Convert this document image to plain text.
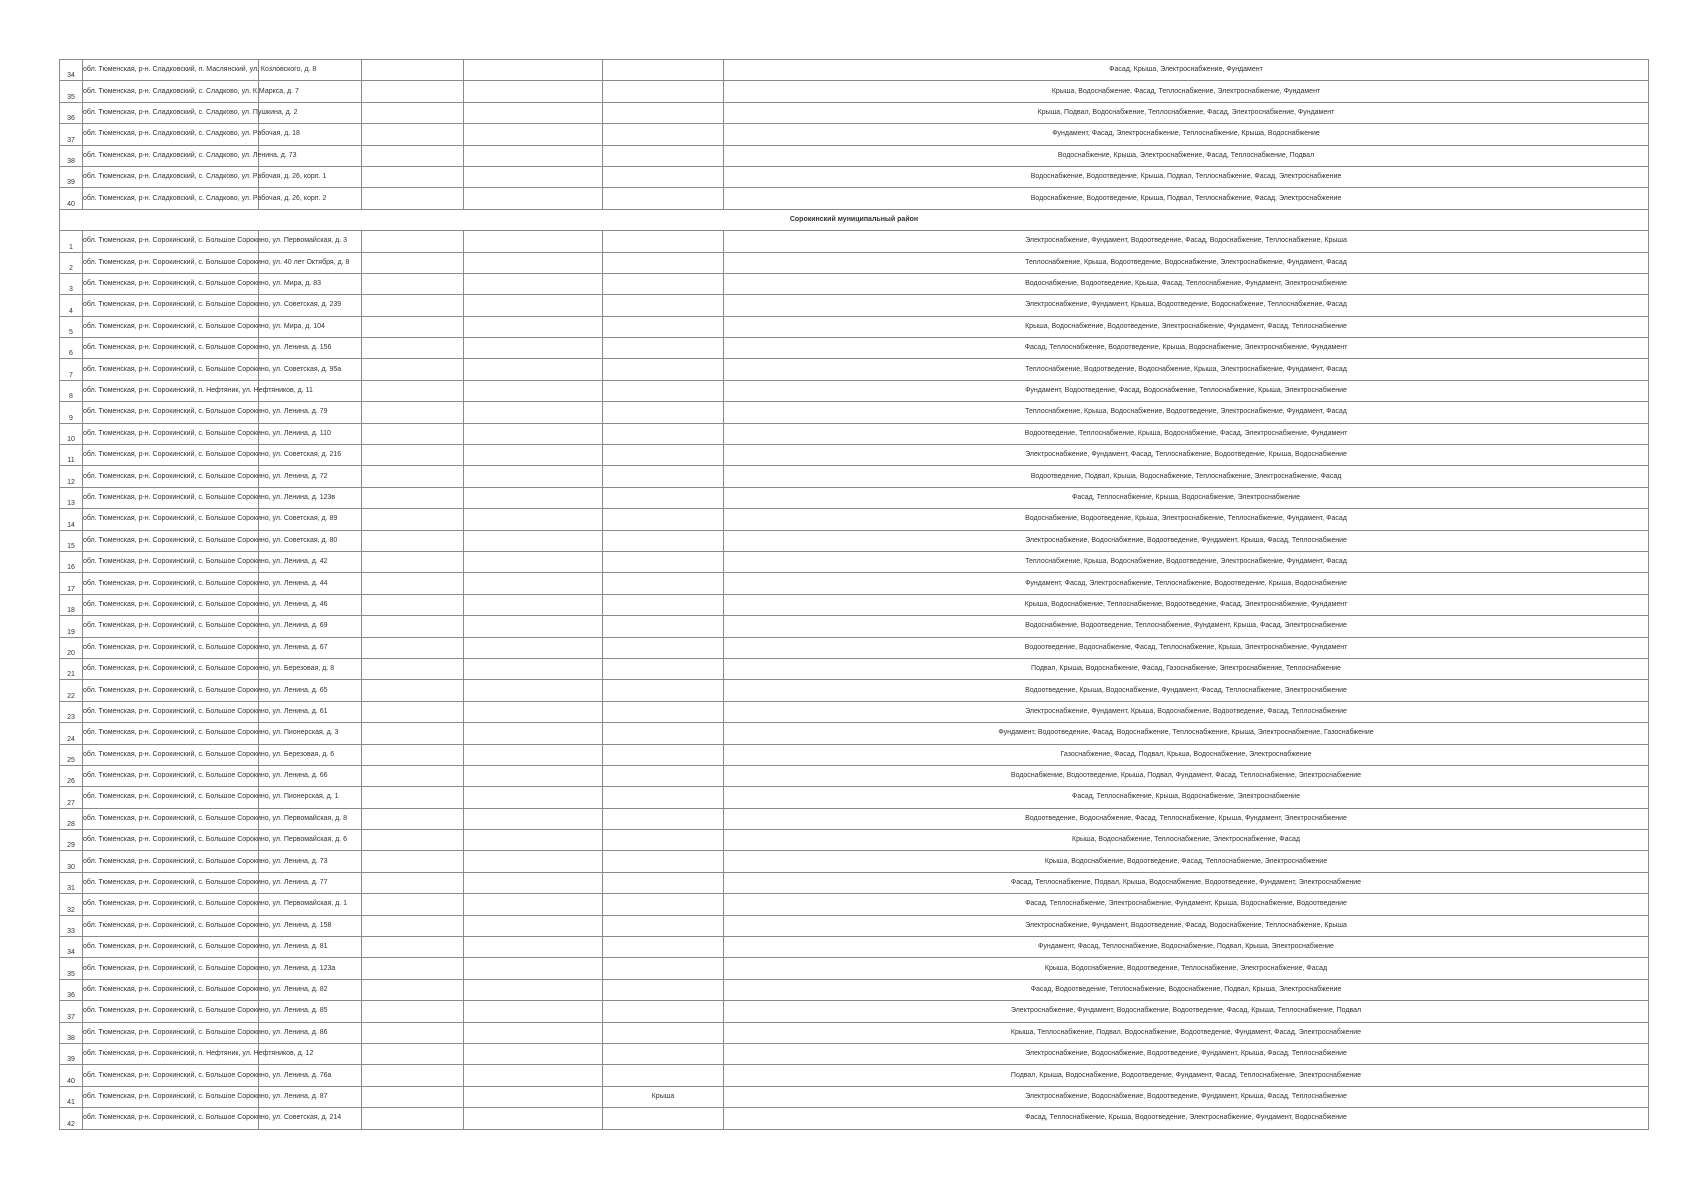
34	обл. Тюменская, р-н. Сладковский, п. Маслянский, ул. Козловского, д. 8					Фасад, Крыша, Электроснабжение, Фундамент
35	обл. Тюменская, р-н. Сладковский, с. Сладково, ул. К.Маркса, д. 7					Крыша, Водоснабжение, Фасад, Теплоснабжение, Электроснабжение, Фундамент
36	обл. Тюменская, р-н. Сладковский, с. Сладково, ул. Пушкина, д. 2					Крыша, Подвал, Водоснабжение, Теплоснабжение, Фасад, Электроснабжение, Фундамент
37	обл. Тюменская, р-н. Сладковский, с. Сладково, ул. Рабочая, д. 18					Фундамент, Фасад, Электроснабжение, Теплоснабжение, Крыша, Водоснабжение
38	обл. Тюменская, р-н. Сладковский, с. Сладково, ул. Ленина, д. 73					Водоснабжение, Крыша, Электроснабжение, Фасад, Теплоснабжение, Подвал
39	обл. Тюменская, р-н. Сладковский, с. Сладково, ул. Рабочая, д. 26, корп. 1					Водоснабжение, Водоотведение, Крыша, Подвал, Теплоснабжение, Фасад, Электроснабжение
40	обл. Тюменская, р-н. Сладковский, с. Сладково, ул. Рабочая, д. 26, корп. 2					Водоснабжение, Водоотведение, Крыша, Подвал, Теплоснабжение, Фасад, Электроснабжение
Сорокинский муниципальный район						
1	обл. Тюменская, р-н. Сорокинский, с. Большое Сорокино, ул. Первомайская, д. 3					Электроснабжение, Фундамент, Водоотведение, Фасад, Водоснабжение, Теплоснабжение, Крыша
2	обл. Тюменская, р-н. Сорокинский, с. Большое Сорокино, ул. 40 лет Октября, д. 8					Теплоснабжение, Крыша, Водоотведение, Водоснабжение, Электроснабжение, Фундамент, Фасад
3	обл. Тюменская, р-н. Сорокинский, с. Большое Сорокино, ул. Мира, д. 83					Водоснабжение, Водоотведение, Крыша, Фасад, Теплоснабжение, Фундамент, Электроснабжение
4	обл. Тюменская, р-н. Сорокинский, с. Большое Сорокино, ул. Советская, д. 239					Электроснабжение, Фундамент, Крыша, Водоотведение, Водоснабжение, Теплоснабжение, Фасад
5	обл. Тюменская, р-н. Сорокинский, с. Большое Сорокино, ул. Мира, д. 104					Крыша, Водоснабжение, Водоотведение, Электроснабжение, Фундамент, Фасад, Теплоснабжение
6	обл. Тюменская, р-н. Сорокинский, с. Большое Сорокино, ул. Ленина, д. 156					Фасад, Теплоснабжение, Водоотведение, Крыша, Водоснабжение, Электроснабжение, Фундамент
7	обл. Тюменская, р-н. Сорокинский, с. Большое Сорокино, ул. Советская, д. 95а					Теплоснабжение, Водоотведение, Водоснабжение, Крыша, Электроснабжение, Фундамент, Фасад
8	обл. Тюменская, р-н. Сорокинский, п. Нефтяник, ул. Нефтяников, д. 11					Фундамент, Водоотведение, Фасад, Водоснабжение, Теплоснабжение, Крыша, Электроснабжение
9	обл. Тюменская, р-н. Сорокинский, с. Большое Сорокино, ул. Ленина, д. 79					Теплоснабжение, Крыша, Водоснабжение, Водоотведение, Электроснабжение, Фундамент, Фасад
10	обл. Тюменская, р-н. Сорокинский, с. Большое Сорокино, ул. Ленина, д. 110					Водоотведение, Теплоснабжение, Крыша, Водоснабжение, Фасад, Электроснабжение, Фундамент
11	обл. Тюменская, р-н. Сорокинский, с. Большое Сорокино, ул. Советская, д. 216					Электроснабжение, Фундамент, Фасад, Теплоснабжение, Водоотведение, Крыша, Водоснабжение
12	обл. Тюменская, р-н. Сорокинский, с. Большое Сорокино, ул. Ленина, д. 72					Водоотведение, Подвал, Крыша, Водоснабжение, Теплоснабжение, Электроснабжение, Фасад
13	обл. Тюменская, р-н. Сорокинский, с. Большое Сорокино, ул. Ленина, д. 123в					Фасад, Теплоснабжение, Крыша, Водоснабжение, Электроснабжение
14	обл. Тюменская, р-н. Сорокинский, с. Большое Сорокино, ул. Советская, д. 89					Водоснабжение, Водоотведение, Крыша, Электроснабжение, Теплоснабжение, Фундамент, Фасад
15	обл. Тюменская, р-н. Сорокинский, с. Большое Сорокино, ул. Советская, д. 80					Электроснабжение, Водоснабжение, Водоотведение, Фундамент, Крыша, Фасад, Теплоснабжение
16	обл. Тюменская, р-н. Сорокинский, с. Большое Сорокино, ул. Ленина, д. 42					Теплоснабжение, Крыша, Водоснабжение, Водоотведение, Электроснабжение, Фундамент, Фасад
17	обл. Тюменская, р-н. Сорокинский, с. Большое Сорокино, ул. Ленина, д. 44					Фундамент, Фасад, Электроснабжение, Теплоснабжение, Водоотведение, Крыша, Водоснабжение
18	обл. Тюменская, р-н. Сорокинский, с. Большое Сорокино, ул. Ленина, д. 46					Крыша, Водоснабжение, Теплоснабжение, Водоотведение, Фасад, Электроснабжение, Фундамент
19	обл. Тюменская, р-н. Сорокинский, с. Большое Сорокино, ул. Ленина, д. 69					Водоснабжение, Водоотведение, Теплоснабжение, Фундамент, Крыша, Фасад, Электроснабжение
20	обл. Тюменская, р-н. Сорокинский, с. Большое Сорокино, ул. Ленина, д. 67					Водоотведение, Водоснабжение, Фасад, Теплоснабжение, Крыша, Электроснабжение, Фундамент
21	обл. Тюменская, р-н. Сорокинский, с. Большое Сорокино, ул. Березовая, д. 8					Подвал, Крыша, Водоснабжение, Фасад, Газоснабжение, Электроснабжение, Теплоснабжение
22	обл. Тюменская, р-н. Сорокинский, с. Большое Сорокино, ул. Ленина, д. 65					Водоотведение, Крыша, Водоснабжение, Фундамент, Фасад, Теплоснабжение, Электроснабжение
23	обл. Тюменская, р-н. Сорокинский, с. Большое Сорокино, ул. Ленина, д. 61					Электроснабжение, Фундамент, Крыша, Водоснабжение, Водоотведение, Фасад, Теплоснабжение
24	обл. Тюменская, р-н. Сорокинский, с. Большое Сорокино, ул. Пионерская, д. 3					Фундамент, Водоотведение, Фасад, Водоснабжение, Теплоснабжение, Крыша, Электроснабжение, Газоснабжение
25	обл. Тюменская, р-н. Сорокинский, с. Большое Сорокино, ул. Березовая, д. 6					Газоснабжение, Фасад, Подвал, Крыша, Водоснабжение, Электроснабжение
26	обл. Тюменская, р-н. Сорокинский, с. Большое Сорокино, ул. Ленина, д. 66					Водоснабжение, Водоотведение, Крыша, Подвал, Фундамент, Фасад, Теплоснабжение, Электроснабжение
27	обл. Тюменская, р-н. Сорокинский, с. Большое Сорокино, ул. Пионерская, д. 1					Фасад, Теплоснабжение, Крыша, Водоснабжение, Электроснабжение
28	обл. Тюменская, р-н. Сорокинский, с. Большое Сорокино, ул. Первомайская, д. 8					Водоотведение, Водоснабжение, Фасад, Теплоснабжение, Крыша, Фундамент, Электроснабжение
29	обл. Тюменская, р-н. Сорокинский, с. Большое Сорокино, ул. Первомайская, д. 6					Крыша, Водоснабжение, Теплоснабжение, Электроснабжение, Фасад
30	обл. Тюменская, р-н. Сорокинский, с. Большое Сорокино, ул. Ленина, д. 73					Крыша, Водоснабжение, Водоотведение, Фасад, Теплоснабжение, Электроснабжение
31	обл. Тюменская, р-н. Сорокинский, с. Большое Сорокино, ул. Ленина, д. 77					Фасад, Теплоснабжение, Подвал, Крыша, Водоснабжение, Водоотведение, Фундамент, Электроснабжение
32	обл. Тюменская, р-н. Сорокинский, с. Большое Сорокино, ул. Первомайская, д. 1					Фасад, Теплоснабжение, Электроснабжение, Фундамент, Крыша, Водоснабжение, Водоотведение
33	обл. Тюменская, р-н. Сорокинский, с. Большое Сорокино, ул. Ленина, д. 158					Электроснабжение, Фундамент, Водоотведение, Фасад, Водоснабжение, Теплоснабжение, Крыша
34	обл. Тюменская, р-н. Сорокинский, с. Большое Сорокино, ул. Ленина, д. 81					Фундамент, Фасад, Теплоснабжение, Водоснабжение, Подвал, Крыша, Электроснабжение
35	обл. Тюменская, р-н. Сорокинский, с. Большое Сорокино, ул. Ленина, д. 123а					Крыша, Водоснабжение, Водоотведение, Теплоснабжение, Электроснабжение, Фасад
36	обл. Тюменская, р-н. Сорокинский, с. Большое Сорокино, ул. Ленина, д. 82					Фасад, Водоотведение, Теплоснабжение, Водоснабжение, Подвал, Крыша, Электроснабжение
37	обл. Тюменская, р-н. Сорокинский, с. Большое Сорокино, ул. Ленина, д. 85					Электроснабжение, Фундамент, Водоснабжение, Водоотведение, Фасад, Крыша, Теплоснабжение, Подвал
38	обл. Тюменская, р-н. Сорокинский, с. Большое Сорокино, ул. Ленина, д. 86					Крыша, Теплоснабжение, Подвал, Водоснабжение, Водоотведение, Фундамент, Фасад, Электроснабжение
39	обл. Тюменская, р-н. Сорокинский, п. Нефтяник, ул. Нефтяников, д. 12					Электроснабжение, Водоснабжение, Водоотведение, Фундамент, Крыша, Фасад, Теплоснабжение
40	обл. Тюменская, р-н. Сорокинский, с. Большое Сорокино, ул. Ленина, д. 76а					Подвал, Крыша, Водоснабжение, Водоотведение, Фундамент, Фасад, Теплоснабжение, Электроснабжение
41	обл. Тюменская, р-н. Сорокинский, с. Большое Сорокино, ул. Ленина, д. 87				Крыша	Электроснабжение, Водоснабжение, Водоотведение, Фундамент, Крыша, Фасад, Теплоснабжение
42	обл. Тюменская, р-н. Сорокинский, с. Большое Сорокино, ул. Советская, д. 214					Фасад, Теплоснабжение, Крыша, Водоотведение, Электроснабжение, Фундамент, Водоснабжение
